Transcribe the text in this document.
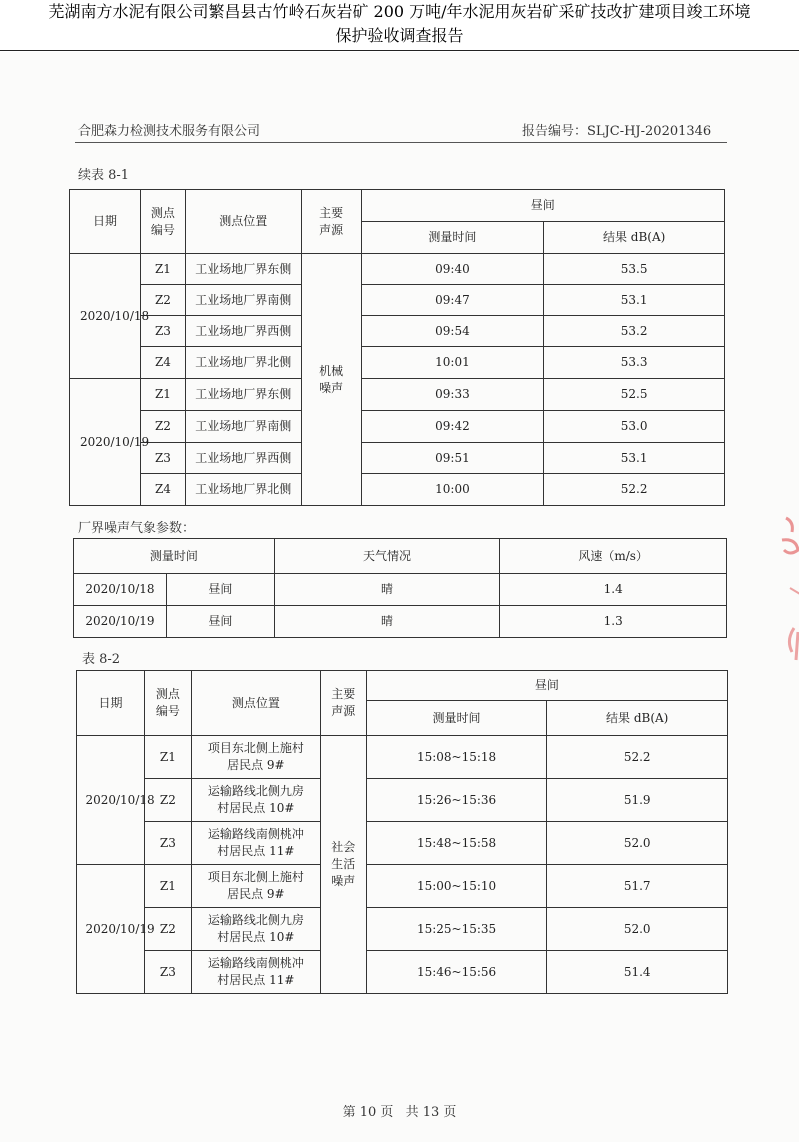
芜湖南方水泥有限公司繁昌县古竹岭石灰岩矿 200 万吨/年水泥用灰岩矿采矿技改扩建项目竣工环境
保护验收调查报告
合肥森力检测技术服务有限公司	报告编号：SLJC-HJ-20201346
续表 8-1
日期	测点编号	测点位置	主要声源	昼间	
				测量时间	结果 dB(A)
2020/10/18	Z1	工业场地厂界东侧	机械噪声	09:40	53.5
	Z2	工业场地厂界南侧		09:47	53.1
	Z3	工业场地厂界西侧		09:54	53.2
	Z4	工业场地厂界北侧		10:01	53.3
2020/10/19	Z1	工业场地厂界东侧		09:33	52.5
	Z2	工业场地厂界南侧		09:42	53.0
	Z3	工业场地厂界西侧		09:51	53.1
	Z4	工业场地厂界北侧		10:00	52.2
厂界噪声气象参数：
测量时间		天气情况	风速（m/s）
2020/10/18	昼间	晴	1.4
2020/10/19	昼间	晴	1.3
表 8-2
日期	测点编号	测点位置	主要声源	昼间	
				测量时间	结果 dB(A)
2020/10/18	Z1	项目东北侧上施村居民点 9#	社会生活噪声	15:08~15:18	52.2
	Z2	运输路线北侧九房村居民点 10#		15:26~15:36	51.9
	Z3	运输路线南侧桃冲村居民点 11#		15:48~15:58	52.0
2020/10/19	Z1	项目东北侧上施村居民点 9#		15:00~15:10	51.7
	Z2	运输路线北侧九房村居民点 10#		15:25~15:35	52.0
	Z3	运输路线南侧桃冲村居民点 11#		15:46~15:56	51.4
第 10 页 共 13 页
